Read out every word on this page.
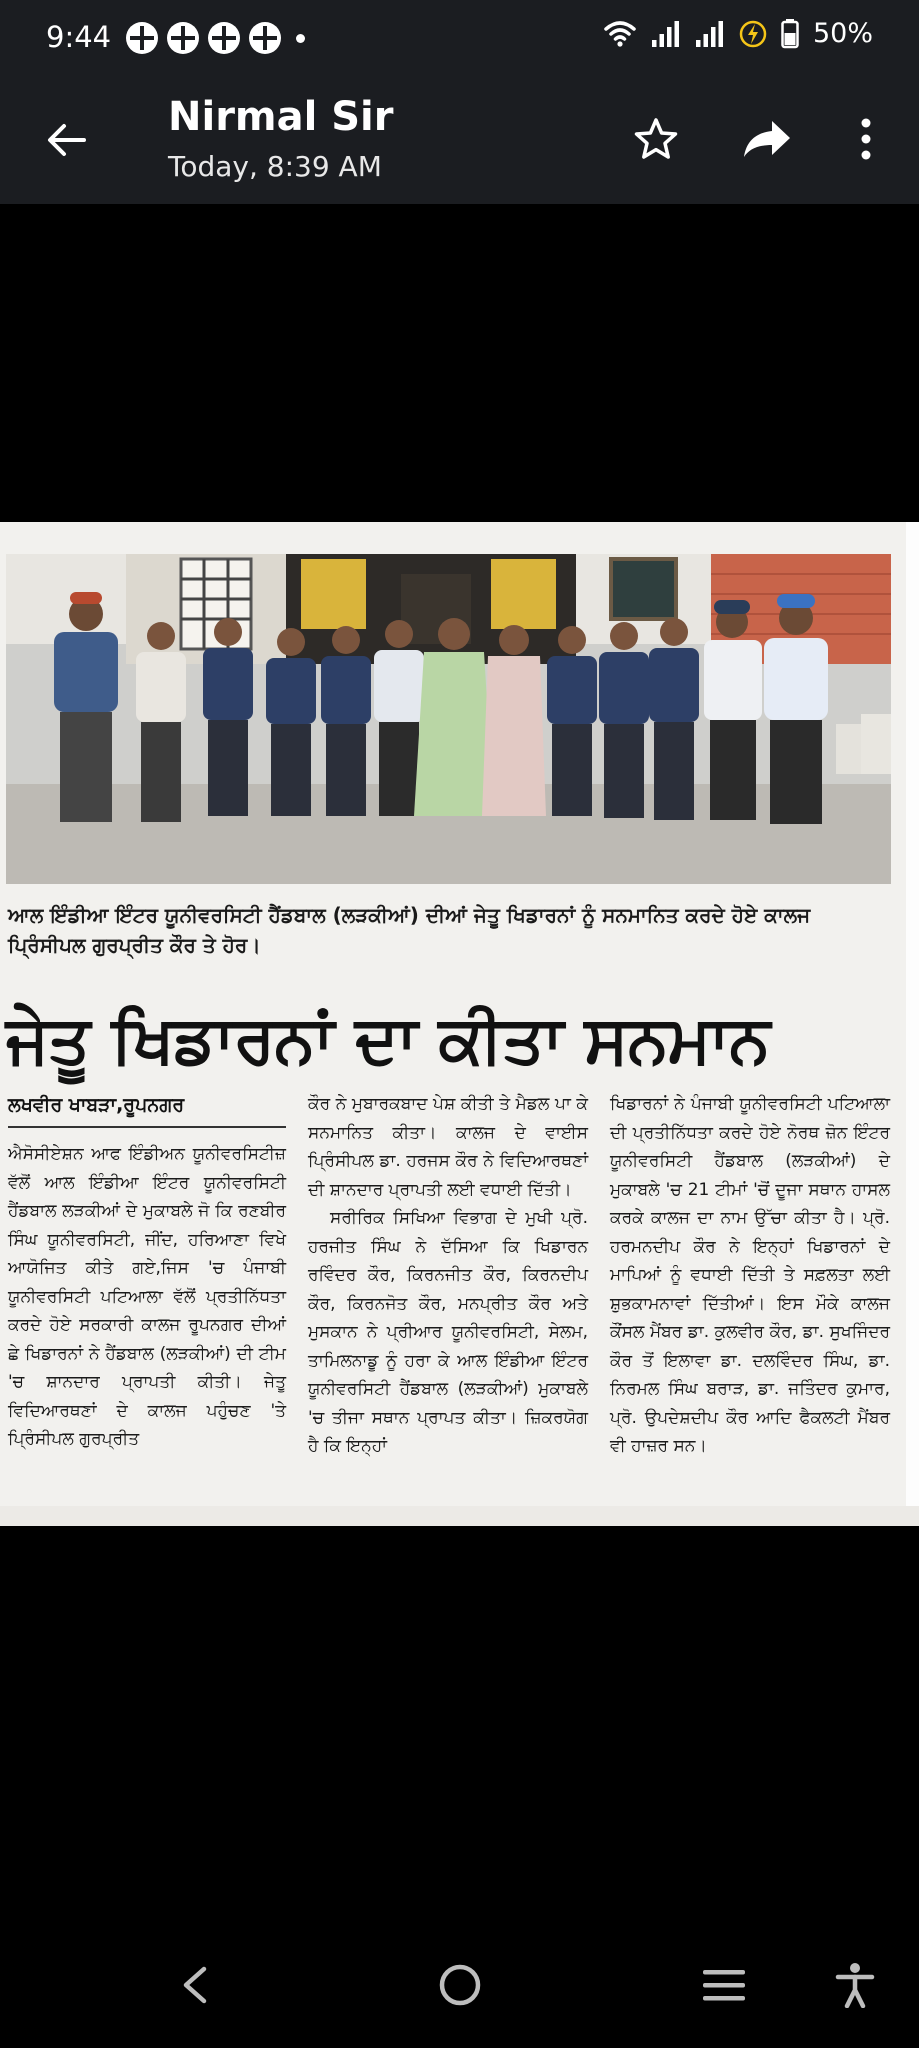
9:44	50%
Nirmal Sir
Today, 8:39 AM
ਆਲ ਇੰਡੀਆ ਇੰਟਰ ਯੂਨੀਵਰਸਿਟੀ ਹੈਂਡਬਾਲ (ਲੜਕੀਆਂ) ਦੀਆਂ ਜੇਤੂ ਖਿਡਾਰਨਾਂ ਨੂੰ ਸਨਮਾਨਿਤ ਕਰਦੇ ਹੋਏ ਕਾਲਜ ਪ੍ਰਿੰਸੀਪਲ ਗੁਰਪ੍ਰੀਤ ਕੌਰ ਤੇ ਹੋਰ।
ਜੇਤੂ ਖਿਡਾਰਨਾਂ ਦਾ ਕੀਤਾ ਸਨਮਾਨ
ਲਖਵੀਰ ਖਾਬੜਾ,ਰੂਪਨਗਰ

ਐਸੋਸੀਏਸ਼ਨ ਆਫ ਇੰਡੀਅਨ ਯੂਨੀਵਰਸਿਟੀਜ਼ ਵੱਲੋਂ ਆਲ ਇੰਡੀਆ ਇੰਟਰ ਯੂਨੀਵਰਸਿਟੀ ਹੈਂਡਬਾਲ ਲੜਕੀਆਂ ਦੇ ਮੁਕਾਬਲੇ ਜੋ ਕਿ ਰਣਬੀਰ ਸਿੰਘ ਯੂਨੀਵਰਸਿਟੀ, ਜੀਂਦ, ਹਰਿਆਣਾ ਵਿਖੇ ਆਯੋਜਿਤ ਕੀਤੇ ਗਏ,ਜਿਸ 'ਚ ਪੰਜਾਬੀ ਯੂਨੀਵਰਸਿਟੀ ਪਟਿਆਲਾ ਵੱਲੋਂ ਪ੍ਰਤੀਨਿੱਧਤਾ ਕਰਦੇ ਹੋਏ ਸਰਕਾਰੀ ਕਾਲਜ ਰੂਪਨਗਰ ਦੀਆਂ ਛੇ ਖਿਡਾਰਨਾਂ ਨੇ ਹੈਂਡਬਾਲ (ਲੜਕੀਆਂ) ਦੀ ਟੀਮ 'ਚ ਸ਼ਾਨਦਾਰ ਪ੍ਰਾਪਤੀ ਕੀਤੀ। ਜੇਤੂ ਵਿਦਿਆਰਥਣਾਂ ਦੇ ਕਾਲਜ ਪਹੁੰਚਣ 'ਤੇ ਪ੍ਰਿੰਸੀਪਲ ਗੁਰਪ੍ਰੀਤ

ਕੌਰ ਨੇ ਮੁਬਾਰਕਬਾਦ ਪੇਸ਼ ਕੀਤੀ ਤੇ ਮੈਡਲ ਪਾ ਕੇ ਸਨਮਾਨਿਤ ਕੀਤਾ। ਕਾਲਜ ਦੇ ਵਾਈਸ ਪ੍ਰਿੰਸੀਪਲ ਡਾ. ਹਰਜਸ ਕੌਰ ਨੇ ਵਿਦਿਆਰਥਣਾਂ ਦੀ ਸ਼ਾਨਦਾਰ ਪ੍ਰਾਪਤੀ ਲਈ ਵਧਾਈ ਦਿੱਤੀ।

ਸਰੀਰਿਕ ਸਿਖਿਆ ਵਿਭਾਗ ਦੇ ਮੁਖੀ ਪ੍ਰੋ. ਹਰਜੀਤ ਸਿੰਘ ਨੇ ਦੱਸਿਆ ਕਿ ਖਿਡਾਰਨ ਰਵਿੰਦਰ ਕੌਰ, ਕਿਰਨਜੀਤ ਕੌਰ, ਕਿਰਨਦੀਪ ਕੌਰ, ਕਿਰਨਜੋਤ ਕੌਰ, ਮਨਪ੍ਰੀਤ ਕੌਰ ਅਤੇ ਮੁਸਕਾਨ ਨੇ ਪ੍ਰੀਆਰ ਯੂਨੀਵਰਸਿਟੀ, ਸੇਲਮ, ਤਾਮਿਲਨਾਡੂ ਨੂੰ ਹਰਾ ਕੇ ਆਲ ਇੰਡੀਆ ਇੰਟਰ ਯੂਨੀਵਰਸਿਟੀ ਹੈਂਡਬਾਲ (ਲੜਕੀਆਂ) ਮੁਕਾਬਲੇ 'ਚ ਤੀਜਾ ਸਥਾਨ ਪ੍ਰਾਪਤ ਕੀਤਾ। ਜ਼ਿਕਰਯੋਗ ਹੈ ਕਿ ਇਨ੍ਹਾਂ

ਖਿਡਾਰਨਾਂ ਨੇ ਪੰਜਾਬੀ ਯੂਨੀਵਰਸਿਟੀ ਪਟਿਆਲਾ ਦੀ ਪ੍ਰਤੀਨਿੱਧਤਾ ਕਰਦੇ ਹੋਏ ਨੋਰਥ ਜ਼ੋਨ ਇੰਟਰ ਯੂਨੀਵਰਸਿਟੀ ਹੈਂਡਬਾਲ (ਲੜਕੀਆਂ) ਦੇ ਮੁਕਾਬਲੇ 'ਚ 21 ਟੀਮਾਂ 'ਚੋਂ ਦੂਜਾ ਸਥਾਨ ਹਾਸਲ ਕਰਕੇ ਕਾਲਜ ਦਾ ਨਾਮ ਉੱਚਾ ਕੀਤਾ ਹੈ। ਪ੍ਰੋ. ਹਰਮਨਦੀਪ ਕੌਰ ਨੇ ਇਨ੍ਹਾਂ ਖਿਡਾਰਨਾਂ ਦੇ ਮਾਪਿਆਂ ਨੂੰ ਵਧਾਈ ਦਿੱਤੀ ਤੇ ਸਫ਼ਲਤਾ ਲਈ ਸ਼ੁਭਕਾਮਨਾਵਾਂ ਦਿੱਤੀਆਂ। ਇਸ ਮੌਕੇ ਕਾਲਜ ਕੌਂਸਲ ਮੈਂਬਰ ਡਾ. ਕੁਲਵੀਰ ਕੌਰ, ਡਾ. ਸੁਖਜਿੰਦਰ ਕੌਰ ਤੋਂ ਇਲਾਵਾ ਡਾ. ਦਲਵਿੰਦਰ ਸਿੰਘ, ਡਾ. ਨਿਰਮਲ ਸਿੰਘ ਬਰਾੜ, ਡਾ. ਜਤਿੰਦਰ ਕੁਮਾਰ, ਪ੍ਰੋ. ਉਪਦੇਸ਼ਦੀਪ ਕੌਰ ਆਦਿ ਫੈਕਲਟੀ ਮੈਂਬਰ ਵੀ ਹਾਜ਼ਰ ਸਨ।
